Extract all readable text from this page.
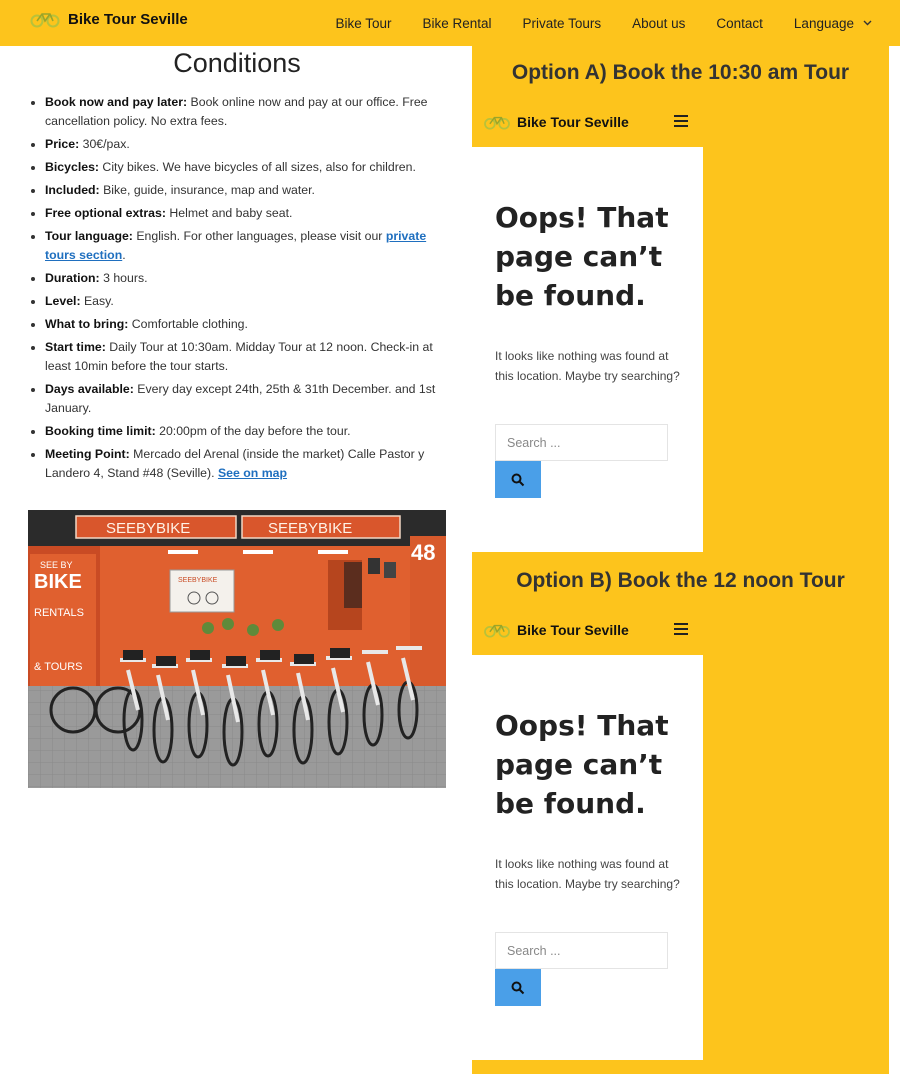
Bike Tour Seville	Bike Tour Bike Rental Private Tours About us Contact Language
Conditions
• Book now and pay later: Book online now and pay at our office. Free cancellation policy. No extra fees.
• Price: 30€/pax.
• Bicycles: City bikes. We have bicycles of all sizes, also for children.
• Included: Bike, guide, insurance, map and water.
• Free optional extras: Helmet and baby seat.
• Tour language: English. For other languages, please visit our private tours section.
• Duration: 3 hours.
• Level: Easy.
• What to bring: Comfortable clothing.
• Start time: Daily Tour at 10:30am. Midday Tour at 12 noon. Check-in at least 10min before the tour starts.
• Days available: Every day except 24th, 25th & 31th December. and 1st January.
• Booking time limit: 20:00pm of the day before the tour.
• Meeting Point: Mercado del Arenal (inside the market) Calle Pastor y Landero 4, Stand #48 (Seville). See on map
SEEBYBIKE	SEEBYBIKE
48
SEE BY
BIKE
RENTALS
& TOURS
SEEBYBIKE
Option A) Book the 10:30 am Tour
Bike Tour Seville
Oops! That page can’t be found.

It looks like nothing was found at this location. Maybe try searching?

Search ...
Option B) Book the 12 noon Tour
Bike Tour Seville
Oops! That page can’t be found.

It looks like nothing was found at this location. Maybe try searching?

Search ...
